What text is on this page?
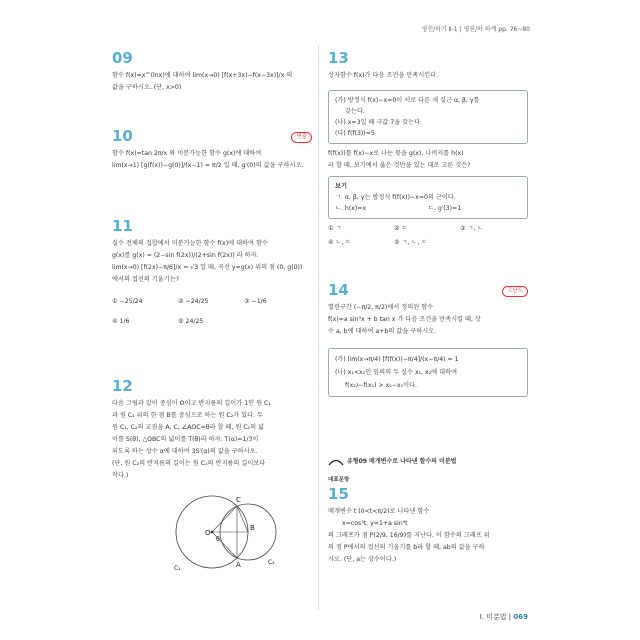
영진/하기 Ⅱ-1 | 영진/하 하계 pp. 76~80
09

함수 f(x)=x^(lnx)에 대하여 lim(x→0) [f(x+3x)−f(x−3x)]/x 의

값을 구하시오. (단, x>0)

10	빈출

함수 f(x)=tan 2π/x 와 미분가능한 함수 g(x)에 대하여

lim(x→1) [g(f(x))−g(0)]/(x−1) = π/2 일 때, g′(0)의 값을 구하시오.

11

실수 전체의 집합에서 미분가능한 함수 f(x)에 대하여 함수

g(x)를 g(x) = (2−sin f(2x))/(2+sin f(2x)) 라 하자.

lim(x→0) [f(2x)−π/6]/x = √3 일 때, 곡선 y=g(x) 위의 점 (0, g(0))

에서의 접선의 기울기는?

① −25/24	② −24/25	③ −1/6
④ 1/6	⑤ 24/25
12

다음 그림과 같이 중심이 O이고 반지름의 길이가 1인 원 C₁

과 원 C₁ 위의 한 점 B를 중심으로 하는 원 C₂가 있다. 두

원 C₁, C₂의 교점을 A, C, ∠AOC=θ라 할 때, 원 C₁의 넓

이를 S(θ), △OBC의 넓이를 T(θ)라 하자. T(α)=1/3이

되도록 하는 상수 α에 대하여 3S′(α)의 값을 구하시오.

(단, 원 C₂의 반지름의 길이는 원 C₁의 반지름의 길이보다

작다.)

O
C
A
B
θ
C₁
C₂
13

상자함수 f(x)가 다음 조건을 만족시킨다.

(가) 방정식 f(x)−x=0이 서로 다른 세 실근 α, β, γ를

갖는다.

(나) x=3일 때 극값 7을 갖는다.

(다) f(f(3))=5

f(f(x))를 f(x)−x로 나눈 몫을 g(x), 나머지를 h(x)

라 할 때, 보기에서 옳은 것만을 있는 대로 고른 것은?

보기

ㄱ. α, β, γ는 방정식 f(f(x))−x=0의 근이다.

ㄴ. h(x)=x	ㄷ. g′(3)=1
① ㄱ	② ㄷ	③ ㄱ, ㄴ
④ ㄴ, ㄷ	⑤ ㄱ, ㄴ, ㄷ
14	고난도

열린구간 (−π/2, π/2)에서 정의된 함수

f(x)=a sin³x + b tan x 가 다음 조건을 만족시킬 때, 상

수 a, b에 대하여 a+b의 값을 구하시오.

(가) lim(x→π/4) [f(f(x))−π/4]/(x−π/4) = 1

(나) x₁<x₂인 임의의 두 실수 x₁, x₂에 대하여

f(x₂)−f(x₁) > x₂−x₁이다.

유형09 매개변수로 나타낸 함수의 미분법
대표문항
15

매개변수 t (0<t<π/2)로 나타낸 함수

x=cos³t, y=1+a sin⁴t

의 그래프가 점 P(2/9, 16/9)를 지난다. 이 함수의 그래프 위

의 점 P에서의 접선의 기울기를 b라 할 때, ab의 값을 구하

시오. (단, a는 상수이다.)

Ⅰ. 미분법 | 069
